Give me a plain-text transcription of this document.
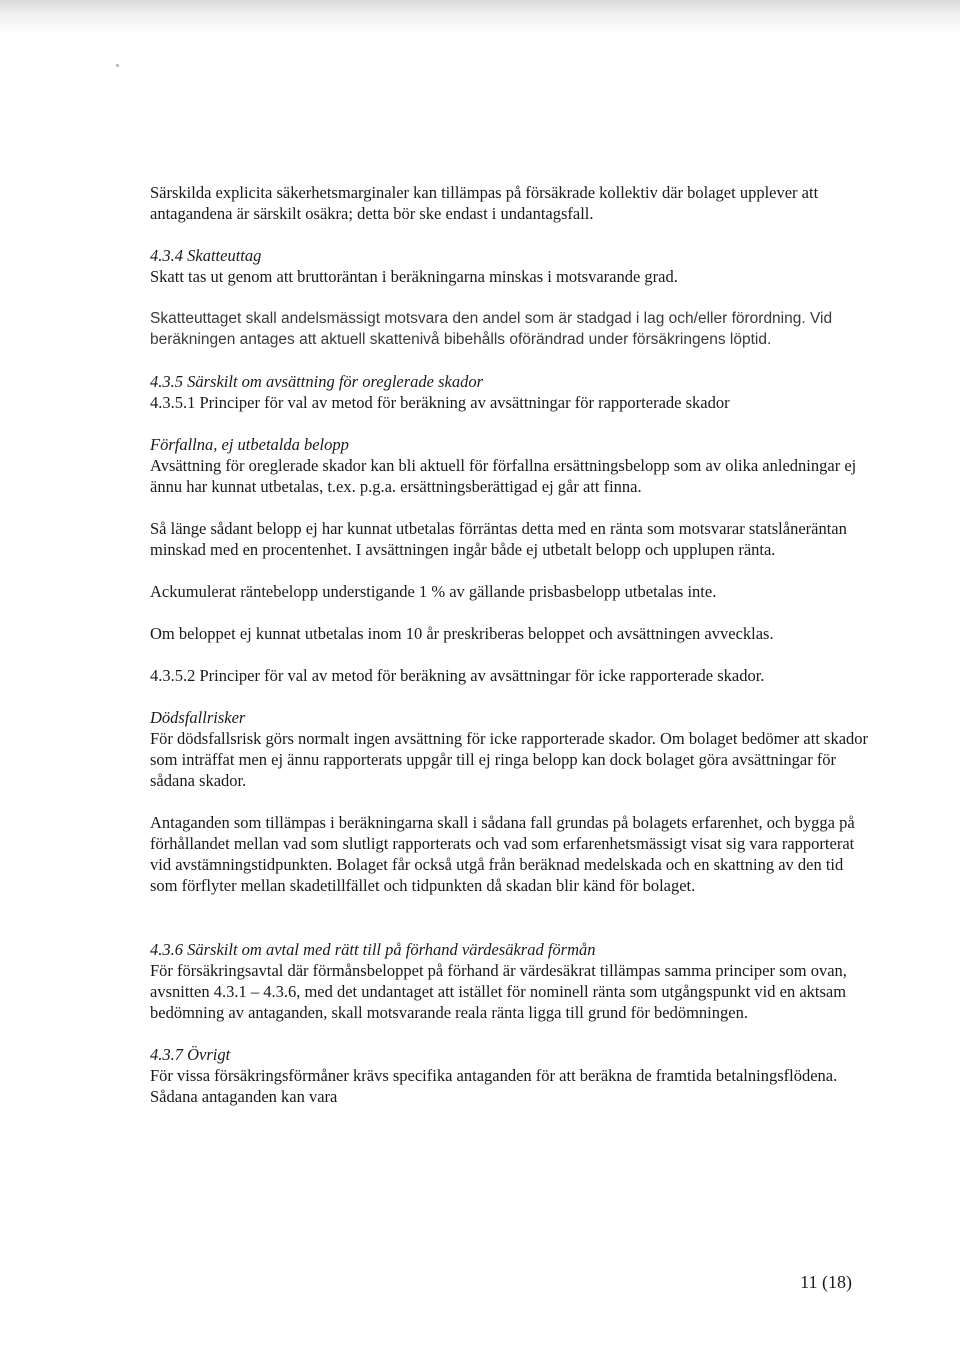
Särskilda explicita säkerhetsmarginaler kan tillämpas på försäkrade kollektiv där bolaget upplever att antagandena är särskilt osäkra; detta bör ske endast i undantagsfall.

4.3.4 Skatteuttag

Skatt tas ut genom att bruttoräntan i beräkningarna minskas i motsvarande grad.

Skatteuttaget skall andelsmässigt motsvara den andel som är stadgad i lag och/eller förordning. Vid beräkningen antages att aktuell skattenivå bibehålls oförändrad under försäkringens löptid.

4.3.5 Särskilt om avsättning för oreglerade skador

4.3.5.1 Principer för val av metod för beräkning av avsättningar för rapporterade skador

Förfallna, ej utbetalda belopp

Avsättning för oreglerade skador kan bli aktuell för förfallna ersättningsbelopp som av olika anledningar ej ännu har kunnat utbetalas, t.ex. p.g.a. ersättningsberättigad ej går att finna.

Så länge sådant belopp ej har kunnat utbetalas förräntas detta med en ränta som motsvarar statslåneräntan minskad med en procentenhet. I avsättningen ingår både ej utbetalt belopp och upplupen ränta.

Ackumulerat räntebelopp understigande 1 % av gällande prisbasbelopp utbetalas inte.

Om beloppet ej kunnat utbetalas inom 10 år preskriberas beloppet och avsättningen avvecklas.

4.3.5.2 Principer för val av metod för beräkning av avsättningar för icke rapporterade skador.

Dödsfallrisker

För dödsfallsrisk görs normalt ingen avsättning för icke rapporterade skador. Om bolaget bedömer att skador som inträffat men ej ännu rapporterats uppgår till ej ringa belopp kan dock bolaget göra avsättningar för sådana skador.

Antaganden som tillämpas i beräkningarna skall i sådana fall grundas på bolagets erfarenhet, och bygga på förhållandet mellan vad som slutligt rapporterats och vad som erfarenhetsmässigt visat sig vara rapporterat vid avstämningstidpunkten. Bolaget får också utgå från beräknad medelskada och en skattning av den tid som förflyter mellan skadetillfället och tidpunkten då skadan blir känd för bolaget.

4.3.6 Särskilt om avtal med rätt till på förhand värdesäkrad förmån

För försäkringsavtal där förmånsbeloppet på förhand är värdesäkrat tillämpas samma principer som ovan, avsnitten 4.3.1 – 4.3.6, med det undantaget att istället för nominell ränta som utgångspunkt vid en aktsam bedömning av antaganden, skall motsvarande reala ränta ligga till grund för bedömningen.

4.3.7 Övrigt

För vissa försäkringsförmåner krävs specifika antaganden för att beräkna de framtida betalningsflödena. Sådana antaganden kan vara

11 (18)
